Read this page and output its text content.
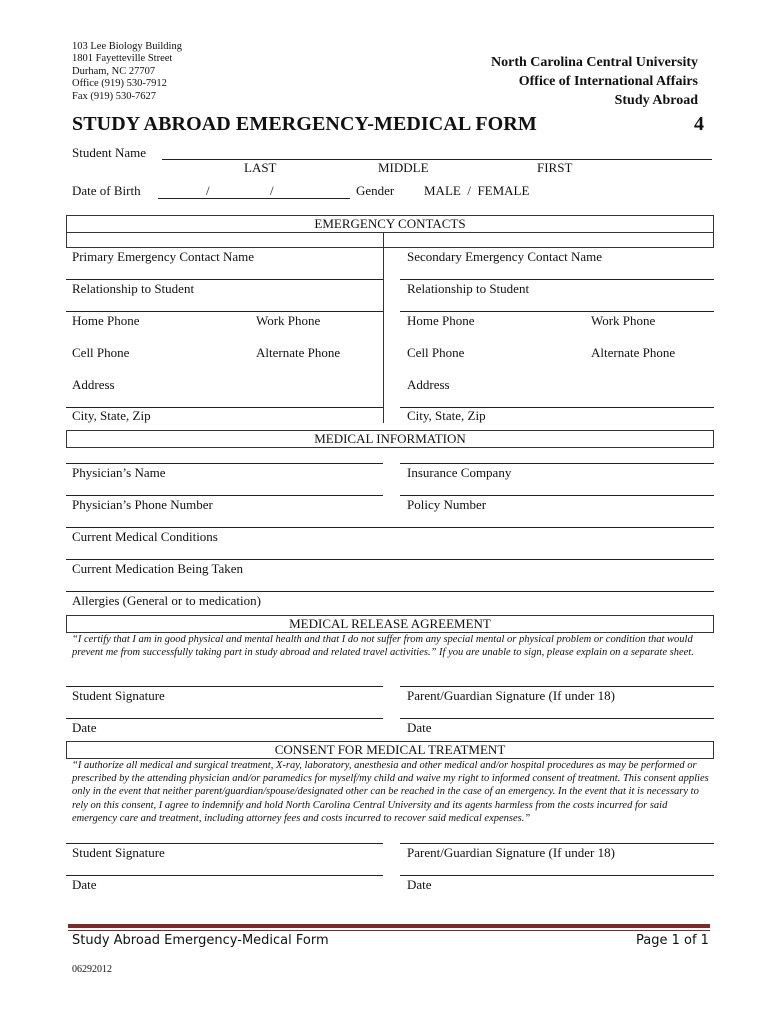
103 Lee Biology Building
1801 Fayetteville Street
Durham, NC 27707
Office (919) 530-7912
Fax (919) 530-7627
North Carolina Central University
Office of International Affairs
Study Abroad
STUDY ABROAD EMERGENCY-MEDICAL FORM	4
Student Name
LAST	MIDDLE	FIRST
Date of Birth	/	/	Gender MALE  /  FEMALE
EMERGENCY CONTACTS
Primary Emergency Contact Name	Secondary Emergency Contact Name
Relationship to Student	Relationship to Student
Home Phone	Work Phone	Home Phone	Work Phone
Cell Phone	Alternate Phone	Cell Phone	Alternate Phone
Address	Address
City, State, Zip	City, State, Zip
MEDICAL INFORMATION
Physician’s Name	Insurance Company
Physician’s Phone Number	Policy Number
Current Medical Conditions
Current Medication Being Taken
Allergies (General or to medication)
MEDICAL RELEASE AGREEMENT
“I certify that I am in good physical and mental health and that I do not suffer from any special mental or physical problem or condition that would prevent me from successfully taking part in study abroad and related travel activities.” If you are unable to sign, please explain on a separate sheet.
Student Signature	Parent/Guardian Signature (If under 18)
Date	Date
CONSENT FOR MEDICAL TREATMENT
“I authorize all medical and surgical treatment, X-ray, laboratory, anesthesia and other medical and/or hospital procedures as may be performed or prescribed by the attending physician and/or paramedics for myself/my child and waive my right to informed consent of treatment. This consent applies only in the event that neither parent/guardian/spouse/designated other can be reached in the case of an emergency. In the event that it is necessary to rely on this consent, I agree to indemnify and hold North Carolina Central University and its agents harmless from the costs incurred for said emergency care and treatment, including attorney fees and costs incurred to recover said medical expenses.”
Student Signature	Parent/Guardian Signature (If under 18)
Date	Date
Study Abroad Emergency-Medical Form	Page 1 of 1
06292012
